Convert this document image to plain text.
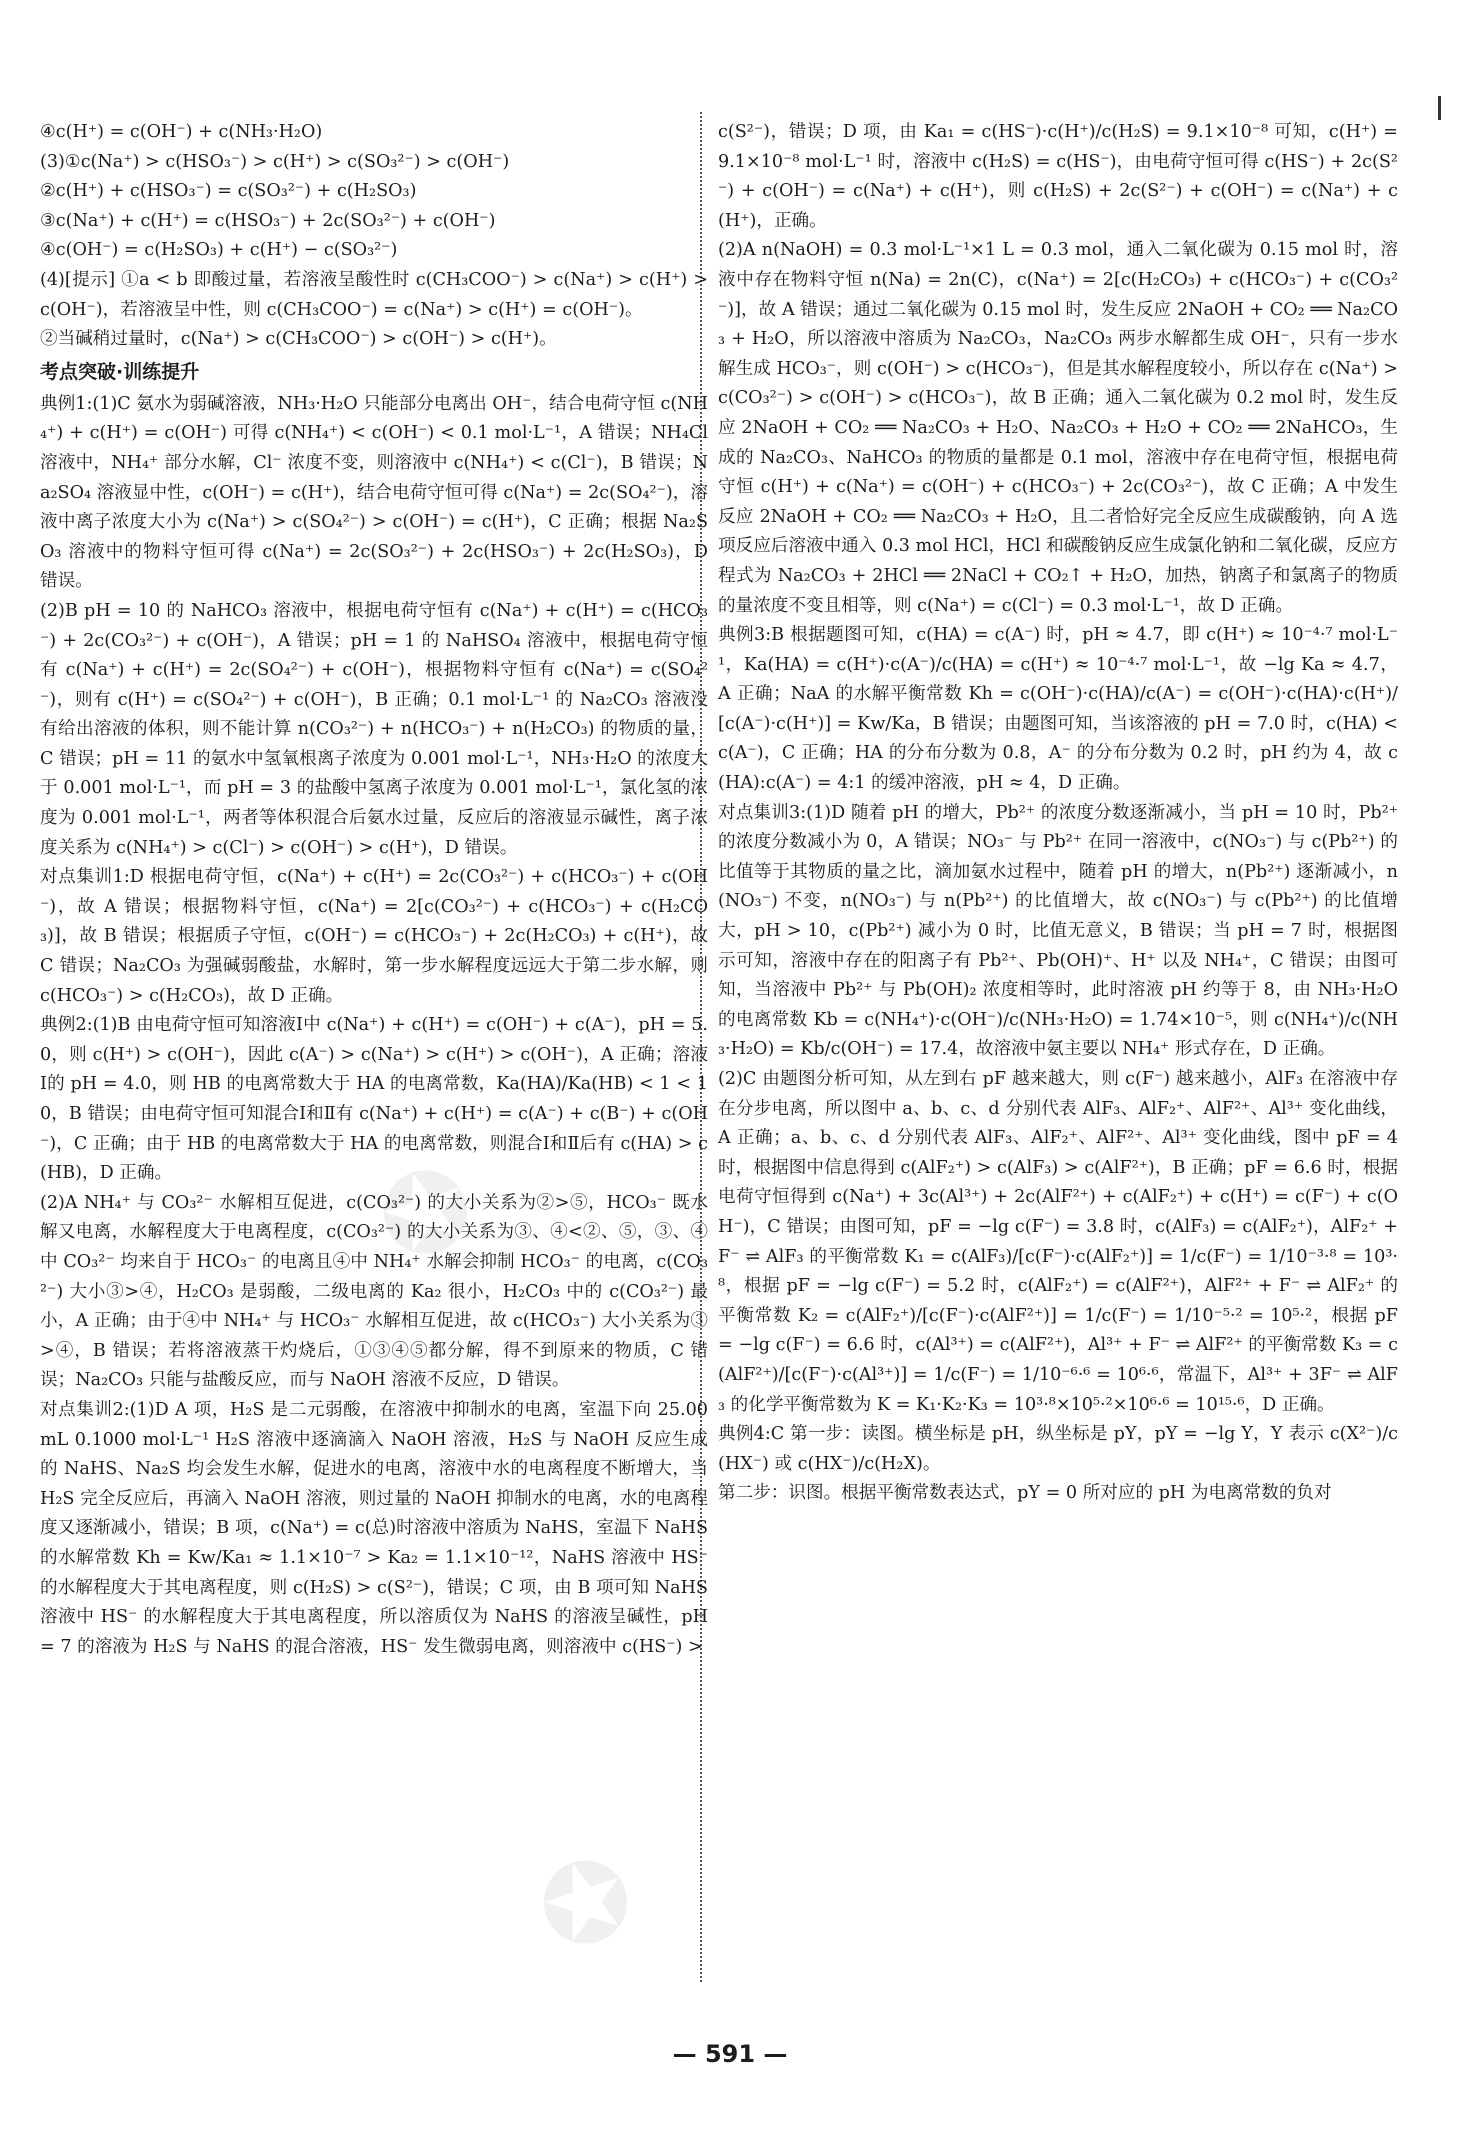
✪
✪

④c(H⁺) = c(OH⁻) + c(NH₃·H₂O)

(3)①c(Na⁺) > c(HSO₃⁻) > c(H⁺) > c(SO₃²⁻) > c(OH⁻)

②c(H⁺) + c(HSO₃⁻) = c(SO₃²⁻) + c(H₂SO₃)

③c(Na⁺) + c(H⁺) = c(HSO₃⁻) + 2c(SO₃²⁻) + c(OH⁻)

④c(OH⁻) = c(H₂SO₃) + c(H⁺) − c(SO₃²⁻)

(4)[提示] ①a < b 即酸过量，若溶液呈酸性时 c(CH₃COO⁻) > c(Na⁺) > c(H⁺) > c(OH⁻)，若溶液呈中性，则 c(CH₃COO⁻) = c(Na⁺) > c(H⁺) = c(OH⁻)。

②当碱稍过量时，c(Na⁺) > c(CH₃COO⁻) > c(OH⁻) > c(H⁺)。

考点突破·训练提升

典例1:(1)C 氨水为弱碱溶液，NH₃·H₂O 只能部分电离出 OH⁻，结合电荷守恒 c(NH₄⁺) + c(H⁺) = c(OH⁻) 可得 c(NH₄⁺) < c(OH⁻) < 0.1 mol·L⁻¹，A 错误；NH₄Cl 溶液中，NH₄⁺ 部分水解，Cl⁻ 浓度不变，则溶液中 c(NH₄⁺) < c(Cl⁻)，B 错误；Na₂SO₄ 溶液显中性，c(OH⁻) = c(H⁺)，结合电荷守恒可得 c(Na⁺) = 2c(SO₄²⁻)，溶液中离子浓度大小为 c(Na⁺) > c(SO₄²⁻) > c(OH⁻) = c(H⁺)，C 正确；根据 Na₂SO₃ 溶液中的物料守恒可得 c(Na⁺) = 2c(SO₃²⁻) + 2c(HSO₃⁻) + 2c(H₂SO₃)，D 错误。

(2)B pH = 10 的 NaHCO₃ 溶液中，根据电荷守恒有 c(Na⁺) + c(H⁺) = c(HCO₃⁻) + 2c(CO₃²⁻) + c(OH⁻)，A 错误；pH = 1 的 NaHSO₄ 溶液中，根据电荷守恒有 c(Na⁺) + c(H⁺) = 2c(SO₄²⁻) + c(OH⁻)，根据物料守恒有 c(Na⁺) = c(SO₄²⁻)，则有 c(H⁺) = c(SO₄²⁻) + c(OH⁻)，B 正确；0.1 mol·L⁻¹ 的 Na₂CO₃ 溶液没有给出溶液的体积，则不能计算 n(CO₃²⁻) + n(HCO₃⁻) + n(H₂CO₃) 的物质的量，C 错误；pH = 11 的氨水中氢氧根离子浓度为 0.001 mol·L⁻¹，NH₃·H₂O 的浓度大于 0.001 mol·L⁻¹，而 pH = 3 的盐酸中氢离子浓度为 0.001 mol·L⁻¹，氯化氢的浓度为 0.001 mol·L⁻¹，两者等体积混合后氨水过量，反应后的溶液显示碱性，离子浓度关系为 c(NH₄⁺) > c(Cl⁻) > c(OH⁻) > c(H⁺)，D 错误。

对点集训1:D 根据电荷守恒，c(Na⁺) + c(H⁺) = 2c(CO₃²⁻) + c(HCO₃⁻) + c(OH⁻)，故 A 错误；根据物料守恒，c(Na⁺) = 2[c(CO₃²⁻) + c(HCO₃⁻) + c(H₂CO₃)]，故 B 错误；根据质子守恒，c(OH⁻) = c(HCO₃⁻) + 2c(H₂CO₃) + c(H⁺)，故 C 错误；Na₂CO₃ 为强碱弱酸盐，水解时，第一步水解程度远远大于第二步水解，则 c(HCO₃⁻) > c(H₂CO₃)，故 D 正确。

典例2:(1)B 由电荷守恒可知溶液Ⅰ中 c(Na⁺) + c(H⁺) = c(OH⁻) + c(A⁻)，pH = 5.0，则 c(H⁺) > c(OH⁻)，因此 c(A⁻) > c(Na⁺) > c(H⁺) > c(OH⁻)，A 正确；溶液Ⅰ的 pH = 4.0，则 HB 的电离常数大于 HA 的电离常数，Ka(HA)/Ka(HB) < 1 < 10，B 错误；由电荷守恒可知混合Ⅰ和Ⅱ有 c(Na⁺) + c(H⁺) = c(A⁻) + c(B⁻) + c(OH⁻)，C 正确；由于 HB 的电离常数大于 HA 的电离常数，则混合Ⅰ和Ⅱ后有 c(HA) > c(HB)，D 正确。

(2)A NH₄⁺ 与 CO₃²⁻ 水解相互促进，c(CO₃²⁻) 的大小关系为②>⑤，HCO₃⁻ 既水解又电离，水解程度大于电离程度，c(CO₃²⁻) 的大小关系为③、④<②、⑤，③、④中 CO₃²⁻ 均来自于 HCO₃⁻ 的电离且④中 NH₄⁺ 水解会抑制 HCO₃⁻ 的电离，c(CO₃²⁻) 大小③>④，H₂CO₃ 是弱酸，二级电离的 Ka₂ 很小，H₂CO₃ 中的 c(CO₃²⁻) 最小，A 正确；由于④中 NH₄⁺ 与 HCO₃⁻ 水解相互促进，故 c(HCO₃⁻) 大小关系为③>④，B 错误；若将溶液蒸干灼烧后，①③④⑤都分解，得不到原来的物质，C 错误；Na₂CO₃ 只能与盐酸反应，而与 NaOH 溶液不反应，D 错误。

对点集训2:(1)D A 项，H₂S 是二元弱酸，在溶液中抑制水的电离，室温下向 25.00 mL 0.1000 mol·L⁻¹ H₂S 溶液中逐滴滴入 NaOH 溶液，H₂S 与 NaOH 反应生成的 NaHS、Na₂S 均会发生水解，促进水的电离，溶液中水的电离程度不断增大，当 H₂S 完全反应后，再滴入 NaOH 溶液，则过量的 NaOH 抑制水的电离，水的电离程度又逐渐减小，错误；B 项，c(Na⁺) = c(总)时溶液中溶质为 NaHS，室温下 NaHS 的水解常数 Kh = Kw/Ka₁ ≈ 1.1×10⁻⁷ > Ka₂ = 1.1×10⁻¹²，NaHS 溶液中 HS⁻ 的水解程度大于其电离程度，则 c(H₂S) > c(S²⁻)，错误；C 项，由 B 项可知 NaHS 溶液中 HS⁻ 的水解程度大于其电离程度，所以溶质仅为 NaHS 的溶液呈碱性，pH = 7 的溶液为 H₂S 与 NaHS 的混合溶液，HS⁻ 发生微弱电离，则溶液中 c(HS⁻) >

c(S²⁻)，错误；D 项，由 Ka₁ = c(HS⁻)·c(H⁺)/c(H₂S) = 9.1×10⁻⁸ 可知，c(H⁺) = 9.1×10⁻⁸ mol·L⁻¹ 时，溶液中 c(H₂S) = c(HS⁻)，由电荷守恒可得 c(HS⁻) + 2c(S²⁻) + c(OH⁻) = c(Na⁺) + c(H⁺)，则 c(H₂S) + 2c(S²⁻) + c(OH⁻) = c(Na⁺) + c(H⁺)，正确。

(2)A n(NaOH) = 0.3 mol·L⁻¹×1 L = 0.3 mol，通入二氧化碳为 0.15 mol 时，溶液中存在物料守恒 n(Na) = 2n(C)，c(Na⁺) = 2[c(H₂CO₃) + c(HCO₃⁻) + c(CO₃²⁻)]，故 A 错误；通过二氧化碳为 0.15 mol 时，发生反应 2NaOH + CO₂ ══ Na₂CO₃ + H₂O，所以溶液中溶质为 Na₂CO₃，Na₂CO₃ 两步水解都生成 OH⁻，只有一步水解生成 HCO₃⁻，则 c(OH⁻) > c(HCO₃⁻)，但是其水解程度较小，所以存在 c(Na⁺) > c(CO₃²⁻) > c(OH⁻) > c(HCO₃⁻)，故 B 正确；通入二氧化碳为 0.2 mol 时，发生反应 2NaOH + CO₂ ══ Na₂CO₃ + H₂O、Na₂CO₃ + H₂O + CO₂ ══ 2NaHCO₃，生成的 Na₂CO₃、NaHCO₃ 的物质的量都是 0.1 mol，溶液中存在电荷守恒，根据电荷守恒 c(H⁺) + c(Na⁺) = c(OH⁻) + c(HCO₃⁻) + 2c(CO₃²⁻)，故 C 正确；A 中发生反应 2NaOH + CO₂ ══ Na₂CO₃ + H₂O，且二者恰好完全反应生成碳酸钠，向 A 选项反应后溶液中通入 0.3 mol HCl，HCl 和碳酸钠反应生成氯化钠和二氧化碳，反应方程式为 Na₂CO₃ + 2HCl ══ 2NaCl + CO₂↑ + H₂O，加热，钠离子和氯离子的物质的量浓度不变且相等，则 c(Na⁺) = c(Cl⁻) = 0.3 mol·L⁻¹，故 D 正确。

典例3:B 根据题图可知，c(HA) = c(A⁻) 时，pH ≈ 4.7，即 c(H⁺) ≈ 10⁻⁴·⁷ mol·L⁻¹，Ka(HA) = c(H⁺)·c(A⁻)/c(HA) = c(H⁺) ≈ 10⁻⁴·⁷ mol·L⁻¹，故 −lg Ka ≈ 4.7，A 正确；NaA 的水解平衡常数 Kh = c(OH⁻)·c(HA)/c(A⁻) = c(OH⁻)·c(HA)·c(H⁺)/[c(A⁻)·c(H⁺)] = Kw/Ka，B 错误；由题图可知，当该溶液的 pH = 7.0 时，c(HA) < c(A⁻)，C 正确；HA 的分布分数为 0.8，A⁻ 的分布分数为 0.2 时，pH 约为 4，故 c(HA):c(A⁻) = 4:1 的缓冲溶液，pH ≈ 4，D 正确。

对点集训3:(1)D 随着 pH 的增大，Pb²⁺ 的浓度分数逐渐减小，当 pH = 10 时，Pb²⁺ 的浓度分数减小为 0，A 错误；NO₃⁻ 与 Pb²⁺ 在同一溶液中，c(NO₃⁻) 与 c(Pb²⁺) 的比值等于其物质的量之比，滴加氨水过程中，随着 pH 的增大，n(Pb²⁺) 逐渐减小，n(NO₃⁻) 不变，n(NO₃⁻) 与 n(Pb²⁺) 的比值增大，故 c(NO₃⁻) 与 c(Pb²⁺) 的比值增大，pH > 10，c(Pb²⁺) 减小为 0 时，比值无意义，B 错误；当 pH = 7 时，根据图示可知，溶液中存在的阳离子有 Pb²⁺、Pb(OH)⁺、H⁺ 以及 NH₄⁺，C 错误；由图可知，当溶液中 Pb²⁺ 与 Pb(OH)₂ 浓度相等时，此时溶液 pH 约等于 8，由 NH₃·H₂O 的电离常数 Kb = c(NH₄⁺)·c(OH⁻)/c(NH₃·H₂O) = 1.74×10⁻⁵，则 c(NH₄⁺)/c(NH₃·H₂O) = Kb/c(OH⁻) = 17.4，故溶液中氨主要以 NH₄⁺ 形式存在，D 正确。

(2)C 由题图分析可知，从左到右 pF 越来越大，则 c(F⁻) 越来越小，AlF₃ 在溶液中存在分步电离，所以图中 a、b、c、d 分别代表 AlF₃、AlF₂⁺、AlF²⁺、Al³⁺ 变化曲线，A 正确；a、b、c、d 分别代表 AlF₃、AlF₂⁺、AlF²⁺、Al³⁺ 变化曲线，图中 pF = 4 时，根据图中信息得到 c(AlF₂⁺) > c(AlF₃) > c(AlF²⁺)，B 正确；pF = 6.6 时，根据电荷守恒得到 c(Na⁺) + 3c(Al³⁺) + 2c(AlF²⁺) + c(AlF₂⁺) + c(H⁺) = c(F⁻) + c(OH⁻)，C 错误；由图可知，pF = −lg c(F⁻) = 3.8 时，c(AlF₃) = c(AlF₂⁺)，AlF₂⁺ + F⁻ ⇌ AlF₃ 的平衡常数 K₁ = c(AlF₃)/[c(F⁻)·c(AlF₂⁺)] = 1/c(F⁻) = 1/10⁻³·⁸ = 10³·⁸，根据 pF = −lg c(F⁻) = 5.2 时，c(AlF₂⁺) = c(AlF²⁺)，AlF²⁺ + F⁻ ⇌ AlF₂⁺ 的平衡常数 K₂ = c(AlF₂⁺)/[c(F⁻)·c(AlF²⁺)] = 1/c(F⁻) = 1/10⁻⁵·² = 10⁵·²，根据 pF = −lg c(F⁻) = 6.6 时，c(Al³⁺) = c(AlF²⁺)，Al³⁺ + F⁻ ⇌ AlF²⁺ 的平衡常数 K₃ = c(AlF²⁺)/[c(F⁻)·c(Al³⁺)] = 1/c(F⁻) = 1/10⁻⁶·⁶ = 10⁶·⁶，常温下，Al³⁺ + 3F⁻ ⇌ AlF₃ 的化学平衡常数为 K = K₁·K₂·K₃ = 10³·⁸×10⁵·²×10⁶·⁶ = 10¹⁵·⁶，D 正确。

典例4:C 第一步：读图。横坐标是 pH，纵坐标是 pY，pY = −lg Y，Y 表示 c(X²⁻)/c(HX⁻) 或 c(HX⁻)/c(H₂X)。

第二步：识图。根据平衡常数表达式，pY = 0 所对应的 pH 为电离常数的负对

— 591 —
